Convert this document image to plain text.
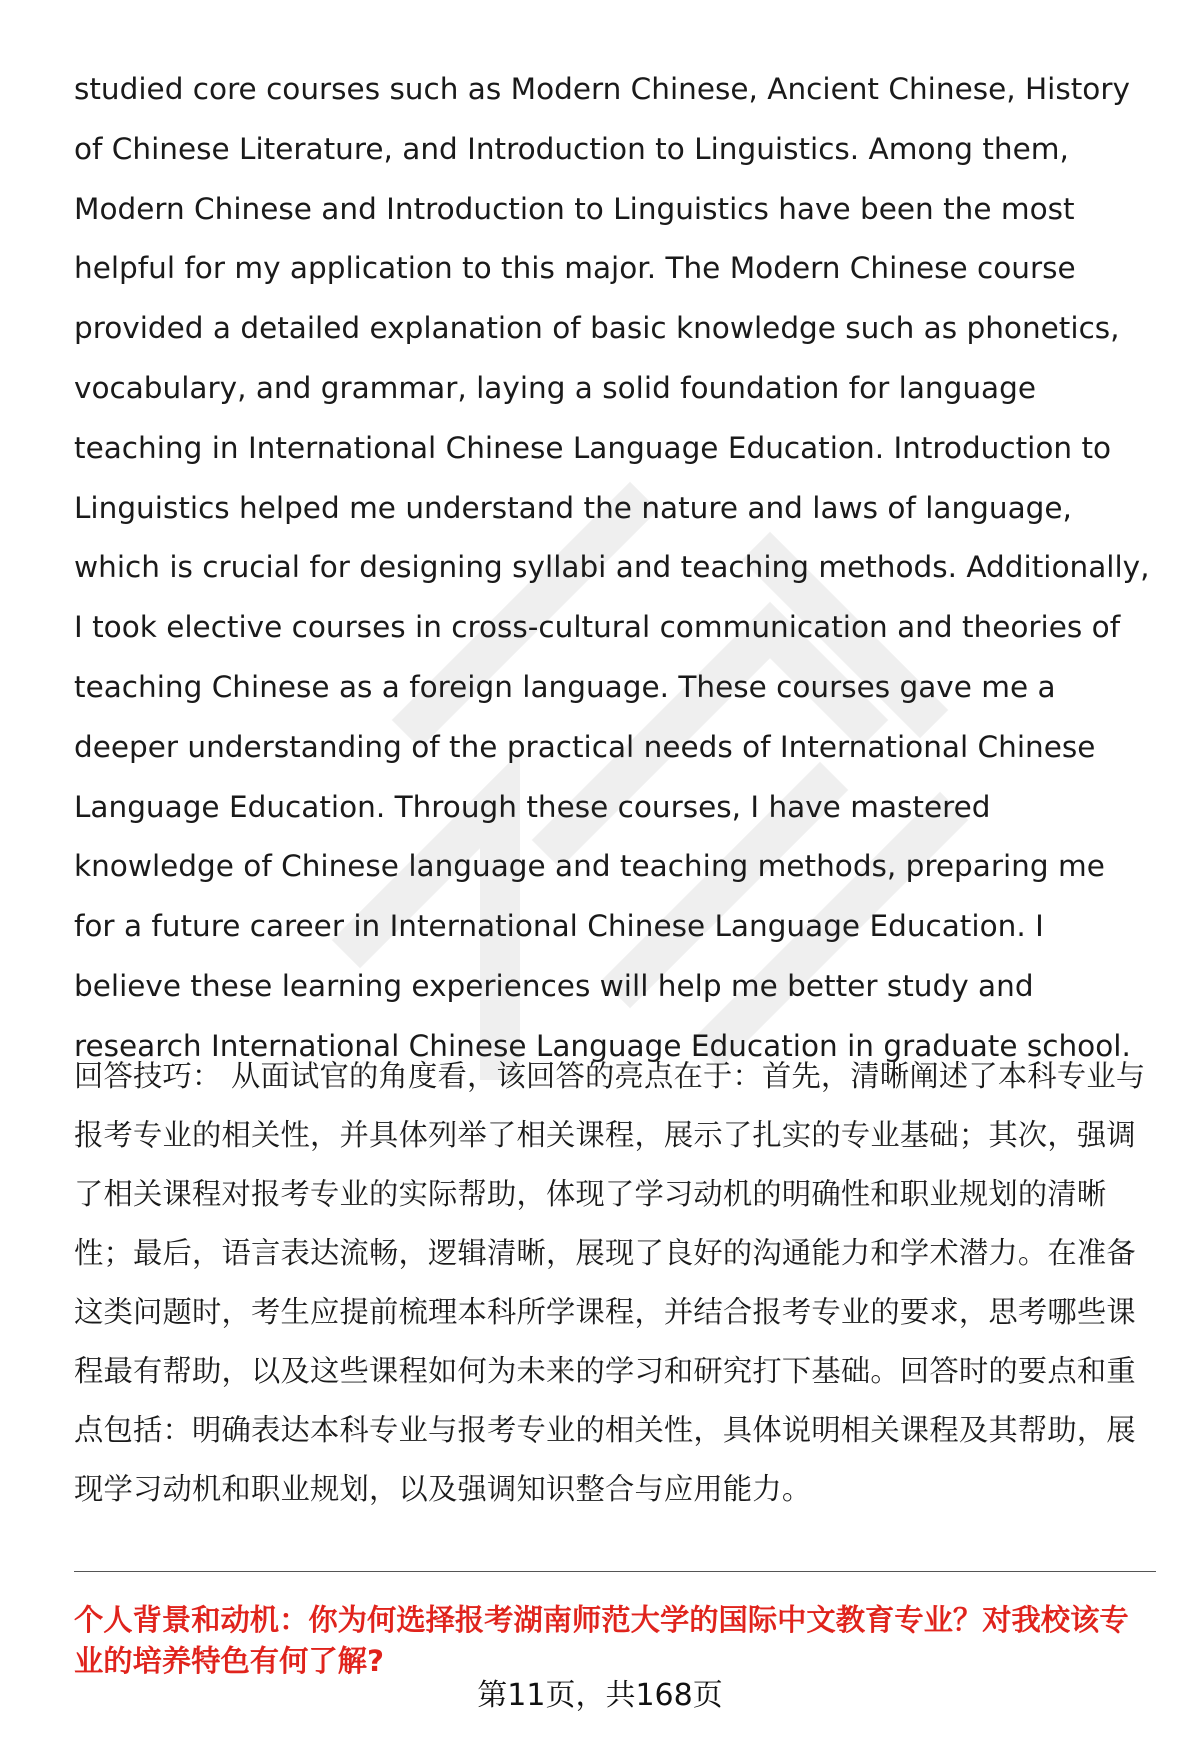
studied core courses such as Modern Chinese, Ancient Chinese, History of Chinese Literature, and Introduction to Linguistics. Among them, Modern Chinese and Introduction to Linguistics have been the most helpful for my application to this major. The Modern Chinese course provided a detailed explanation of basic knowledge such as phonetics, vocabulary, and grammar, laying a solid foundation for language teaching in International Chinese Language Education. Introduction to Linguistics helped me understand the nature and laws of language, which is crucial for designing syllabi and teaching methods. Additionally, I took elective courses in cross-cultural communication and theories of teaching Chinese as a foreign language. These courses gave me a deeper understanding of the practical needs of International Chinese Language Education. Through these courses, I have mastered knowledge of Chinese language and teaching methods, preparing me for a future career in International Chinese Language Education. I believe these learning experiences will help me better study and research International Chinese Language Education in graduate school.

回答技巧： 从面试官的角度看，该回答的亮点在于：首先，清晰阐述了本科专业与报考专业的相关性，并具体列举了相关课程，展示了扎实的专业基础；其次，强调了相关课程对报考专业的实际帮助，体现了学习动机的明确性和职业规划的清晰性；最后，语言表达流畅，逻辑清晰，展现了良好的沟通能力和学术潜力。在准备这类问题时，考生应提前梳理本科所学课程，并结合报考专业的要求，思考哪些课程最有帮助，以及这些课程如何为未来的学习和研究打下基础。回答时的要点和重点包括：明确表达本科专业与报考专业的相关性，具体说明相关课程及其帮助，展现学习动机和职业规划，以及强调知识整合与应用能力。

个人背景和动机：你为何选择报考湖南师范大学的国际中文教育专业？对我校该专业的培养特色有何了解?

第11页，共168页
